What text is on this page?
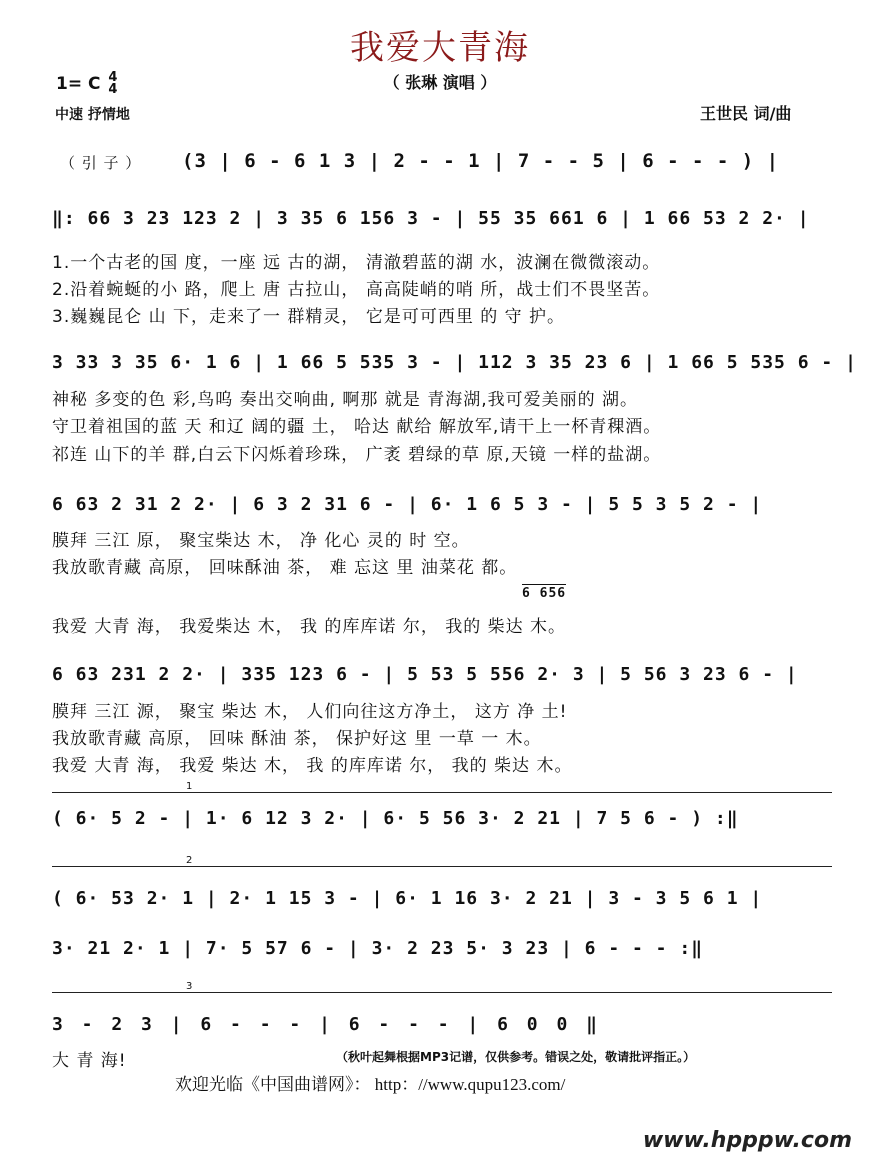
我爱大青海
（ 张琳 演唱 ）
1= C 4
4
中速 抒情地	王世民 词/曲
（ 引 子 ） (3 | 6 - 6 1 3 | 2 - - 1 | 7 - - 5 | 6 - - - ) |
‖: 66 3 23 123 2 | 3 35 6 156 3 - | 55 35 661 6 | 1 66 53 2 2· |
1.一个古老的国 度，一座 远 古的湖， 清澈碧蓝的湖 水，波澜在微微滚动。
2.沿着蜿蜒的小 路，爬上 唐 古拉山， 高高陡峭的哨 所，战士们不畏坚苦。
3.巍巍昆仑 山 下，走来了一 群精灵， 它是可可西里 的 守 护。
3 33 3 35 6· 1 6 | 1 66 5 535 3 - | 112 3 35 23 6 | 1 66 5 535 6 - |
神秘 多变的色 彩,鸟呜 奏出交响曲, 啊那 就是 青海湖,我可爱美丽的 湖。
守卫着祖国的蓝 天 和辽 阔的疆 土， 哈达 献给 解放军,请干上一杯青稞酒。
祁连 山下的羊 群,白云下闪烁着珍珠， 广袤 碧绿的草 原,天镜 一样的盐湖。
6 63 2 31 2 2· | 6 3 2 31 6 - | 6· 1 6 5 3 - | 5 5 3 5 2 - |
膜拜 三江 原， 聚宝柴达 木， 净 化心 灵的 时 空。
我放歌青藏 高原， 回味酥油 茶， 难 忘这 里 油菜花 都。
6 656
我爱 大青 海， 我爱柴达 木， 我 的库库诺 尔， 我的 柴达 木。
6 63 231 2 2· | 335 123 6 - | 5 53 5 556 2· 3 | 5 56 3 23 6 - |
膜拜 三江 源， 聚宝 柴达 木， 人们向往这方净土， 这方 净 土!
我放歌青藏 高原， 回味 酥油 茶， 保护好这 里 一草 一 木。
我爱 大青 海， 我爱 柴达 木， 我 的库库诺 尔， 我的 柴达 木。
1
( 6· 5 2 - | 1· 6 12 3 2· | 6· 5 56 3· 2 21 | 7 5 6 - ) :‖
2
( 6· 53 2· 1 | 2· 1 15 3 - | 6· 1 16 3· 2 21 | 3 - 3 5 6 1 |
3· 21 2· 1 | 7· 5 57 6 - | 3· 2 23 5· 3 23 | 6 - - - :‖
3
3 - 2 3 | 6 - - - | 6 - - - | 6 0 0 ‖
大 青 海!	（秋叶起舞根据MP3记谱，仅供参考。错误之处，敬请批评指正。）
欢迎光临《中国曲谱网》： http：//www.qupu123.com/
www.hpppw.com
